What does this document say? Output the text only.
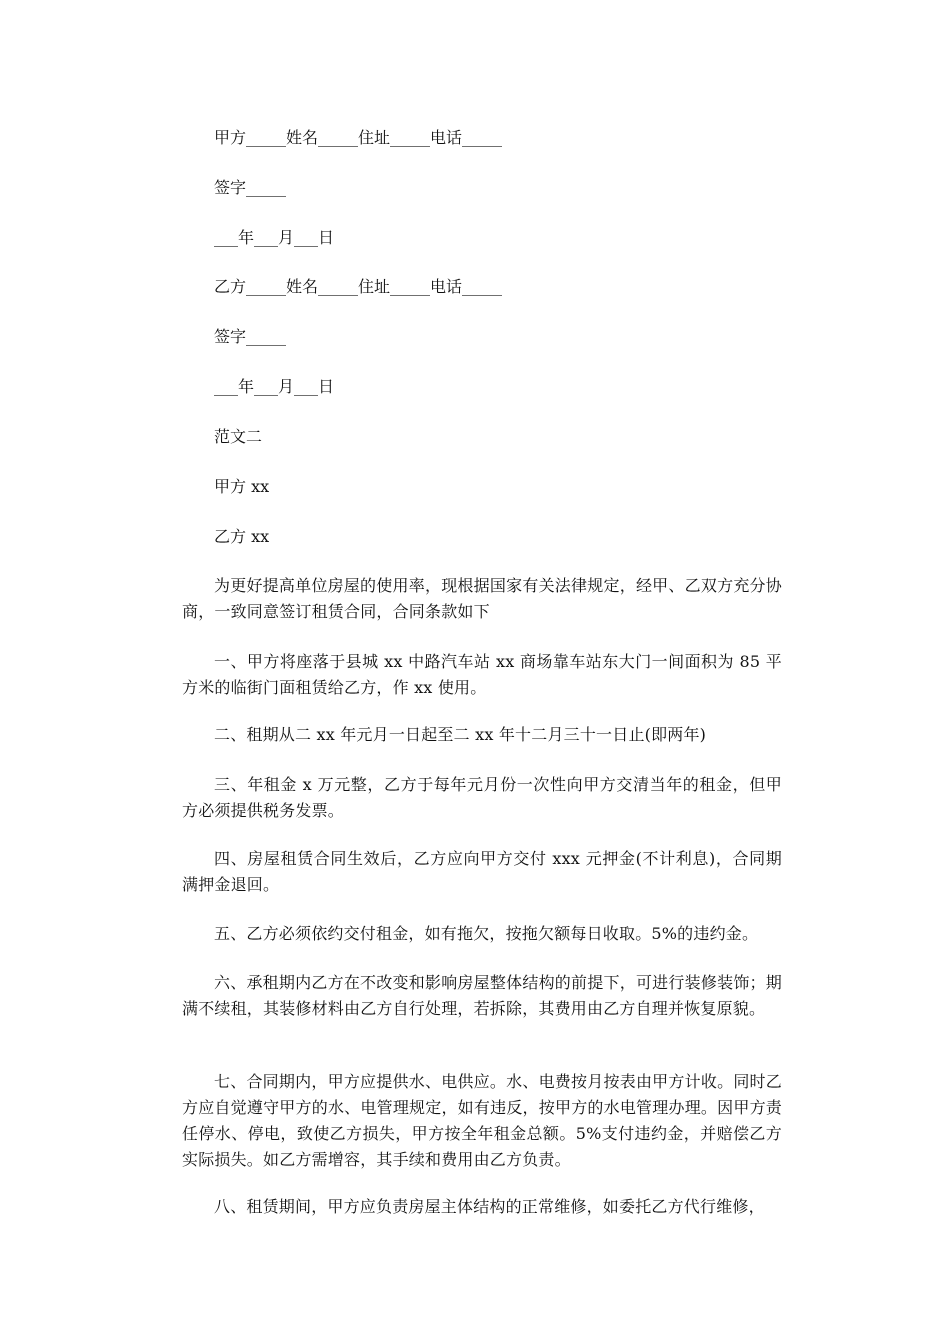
甲方_____姓名_____住址_____电话_____

签字_____

___年___月___日

乙方_____姓名_____住址_____电话_____

签字_____

___年___月___日

范文二

甲方 xx

乙方 xx

为更好提高单位房屋的使用率，现根据国家有关法律规定，经甲、乙双方充分协商，一致同意签订租赁合同，合同条款如下

一、甲方将座落于县城 xx 中路汽车站 xx 商场靠车站东大门一间面积为 85 平方米的临街门面租赁给乙方，作 xx 使用。

二、租期从二 xx 年元月一日起至二 xx 年十二月三十一日止(即两年)

三、年租金 x 万元整，乙方于每年元月份一次性向甲方交清当年的租金，但甲方必须提供税务发票。

四、房屋租赁合同生效后，乙方应向甲方交付 xxx 元押金(不计利息)，合同期满押金退回。

五、乙方必须依约交付租金，如有拖欠，按拖欠额每日收取。5%的违约金。

六、承租期内乙方在不改变和影响房屋整体结构的前提下，可进行装修装饰；期满不续租，其装修材料由乙方自行处理，若拆除，其费用由乙方自理并恢复原貌。

七、合同期内，甲方应提供水、电供应。水、电费按月按表由甲方计收。同时乙方应自觉遵守甲方的水、电管理规定，如有违反，按甲方的水电管理办理。因甲方责任停水、停电，致使乙方损失，甲方按全年租金总额。5%支付违约金，并赔偿乙方实际损失。如乙方需增容，其手续和费用由乙方负责。

八、租赁期间，甲方应负责房屋主体结构的正常维修，如委托乙方代行维修，
